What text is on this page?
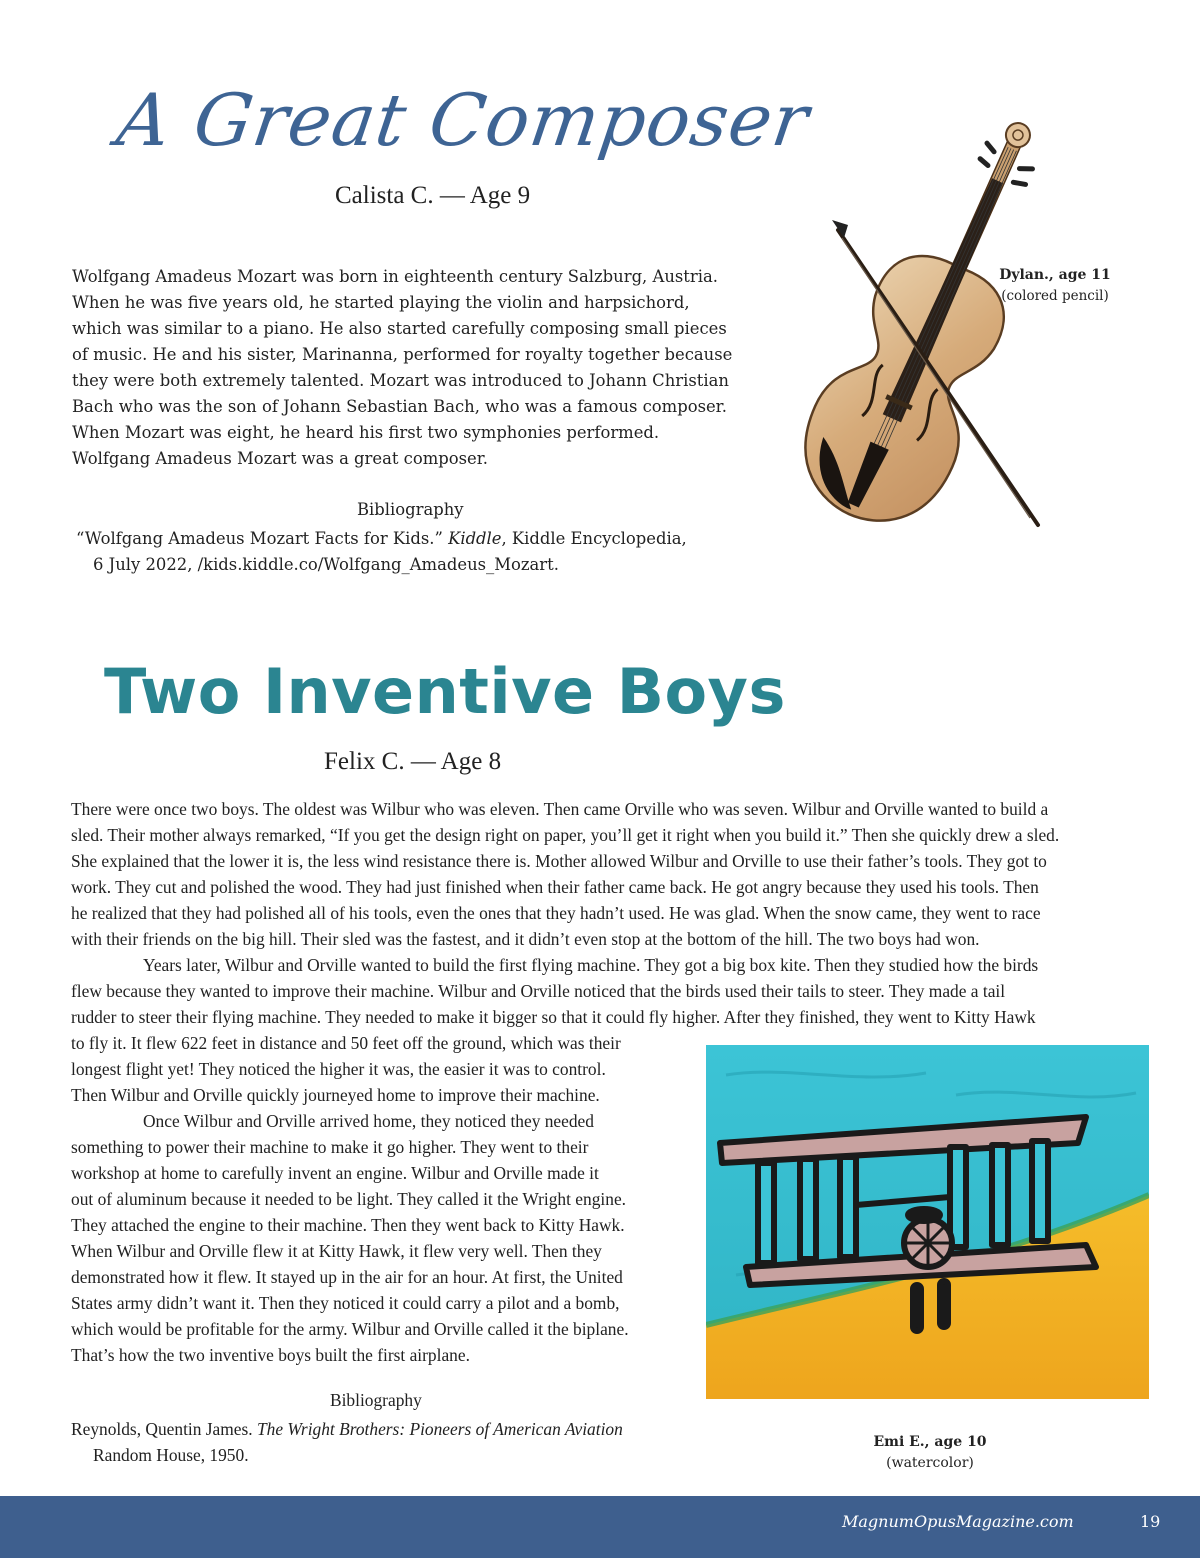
A Great Composer
Calista C. — Age 9

Wolfgang Amadeus Mozart was born in eighteenth century Salzburg, Austria.

When he was five years old, he started playing the violin and harpsichord,

which was similar to a piano. He also started carefully composing small pieces

of music. He and his sister, Marinanna, performed for royalty together because

they were both extremely talented. Mozart was introduced to Johann Christian

Bach who was the son of Johann Sebastian Bach, who was a famous composer.

When Mozart was eight, he heard his first two symphonies performed.

Wolfgang Amadeus Mozart was a great composer.

Bibliography
“Wolfgang Amadeus Mozart Facts for Kids.” Kiddle, Kiddle Encyclopedia,
6 July 2022, /kids.kiddle.co/Wolfgang_Amadeus_Mozart.
Dylan., age 11
(colored pencil)
Two Inventive Boys
Felix C. — Age 8
There were once two boys. The oldest was Wilbur who was eleven. Then came Orville who was seven. Wilbur and Orville wanted to build a
sled. Their mother always remarked, “If you get the design right on paper, you’ll get it right when you build it.” Then she quickly drew a sled.
She explained that the lower it is, the less wind resistance there is. Mother allowed Wilbur and Orville to use their father’s tools. They got to
work. They cut and polished the wood. They had just finished when their father came back. He got angry because they used his tools. Then
he realized that they had polished all of his tools, even the ones that they hadn’t used. He was glad. When the snow came, they went to race
with their friends on the big hill. Their sled was the fastest, and it didn’t even stop at the bottom of the hill. The two boys had won.
Years later, Wilbur and Orville wanted to build the first flying machine. They got a big box kite. Then they studied how the birds
flew because they wanted to improve their machine. Wilbur and Orville noticed that the birds used their tails to steer. They made a tail
rudder to steer their flying machine. They needed to make it bigger so that it could fly higher. After they finished, they went to Kitty Hawk
to fly it. It flew 622 feet in distance and 50 feet off the ground, which was their
longest flight yet! They noticed the higher it was, the easier it was to control.
Then Wilbur and Orville quickly journeyed home to improve their machine.
Once Wilbur and Orville arrived home, they noticed they needed
something to power their machine to make it go higher. They went to their
workshop at home to carefully invent an engine. Wilbur and Orville made it
out of aluminum because it needed to be light. They called it the Wright engine.
They attached the engine to their machine. Then they went back to Kitty Hawk.
When Wilbur and Orville flew it at Kitty Hawk, it flew very well. Then they
demonstrated how it flew. It stayed up in the air for an hour. At first, the United
States army didn’t want it. Then they noticed it could carry a pilot and a bomb,
which would be profitable for the army. Wilbur and Orville called it the biplane.
That’s how the two inventive boys built the first airplane.
Bibliography
Reynolds, Quentin James. The Wright Brothers: Pioneers of American Aviation
Random House, 1950.
Emi E., age 10
(watercolor)
MagnumOpusMagazine.com	19
